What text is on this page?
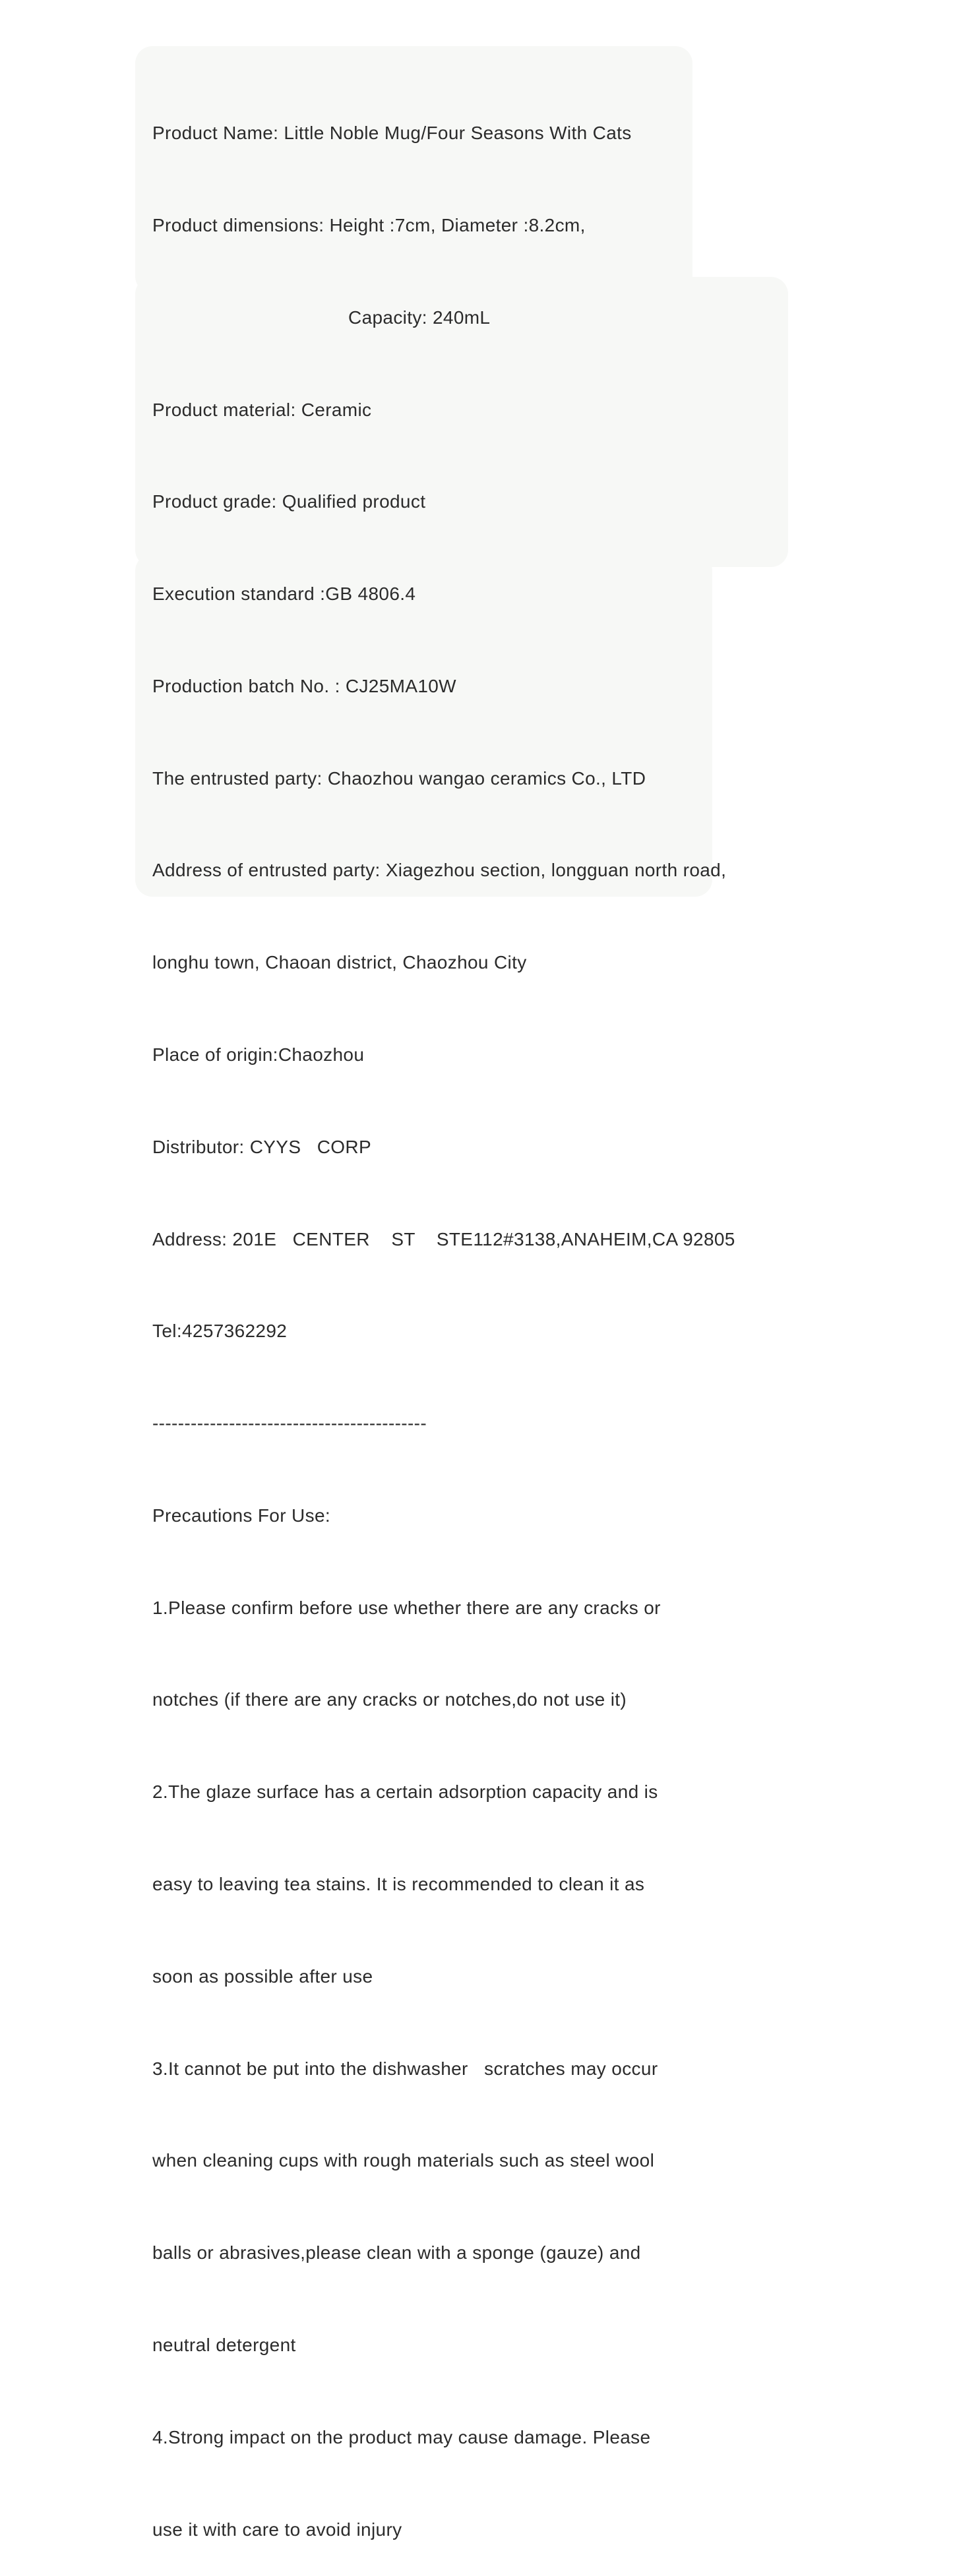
Product Name: Little Noble Mug/Four Seasons With Cats

Product dimensions: Height :7cm, Diameter :8.2cm,

Capacity: 240mL

Product material: Ceramic

Product grade: Qualified product

Execution standard :GB 4806.4

Production batch No. : CJ25MA10W

The entrusted party: Chaozhou wangao ceramics Co., LTD

Address of entrusted party: Xiagezhou section, longguan north road,

longhu town, Chaoan district, Chaozhou City

Place of origin:Chaozhou

Distributor: CYYS   CORP

Address: 201E   CENTER    ST    STE112#3138,ANAHEIM,CA 92805

Tel:4257362292

-------------------------------------------

Precautions For Use:

1.Please confirm before use whether there are any cracks or

notches (if there are any cracks or notches,do not use it)

2.The glaze surface has a certain adsorption capacity and is

easy to leaving tea stains. It is recommended to clean it as

soon as possible after use

3.It cannot be put into the dishwasher   scratches may occur

when cleaning cups with rough materials such as steel wool

balls or abrasives,please clean with a sponge (gauze) and

neutral detergent

4.Strong impact on the product may cause damage. Please

use it with care to avoid injury
